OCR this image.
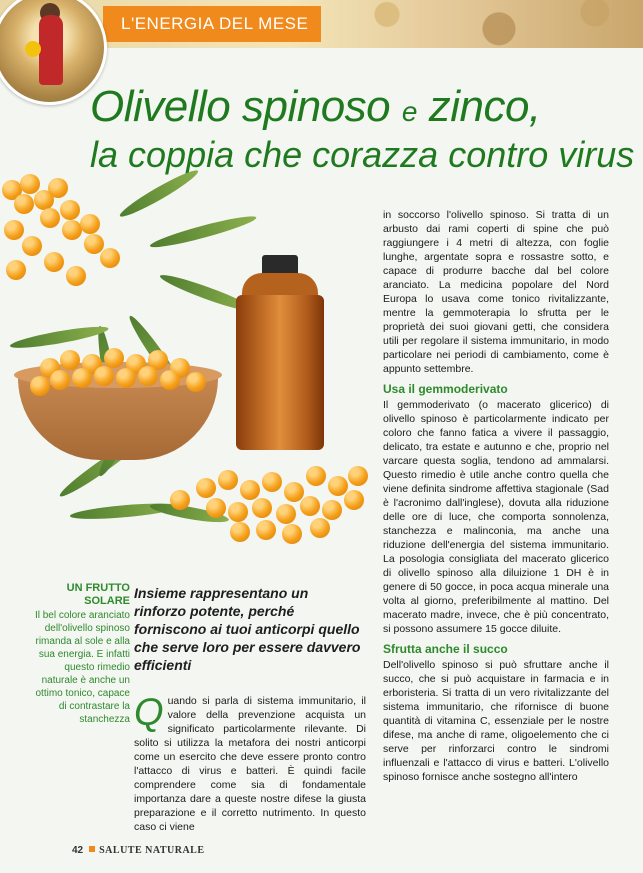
L'ENERGIA DEL MESE
Olivello spinoso e zinco,
la coppia che corazza contro virus
UN FRUTTO
SOLARE
Il bel colore aranciato dell'olivello spinoso rimanda al sole e alla sua energia. E infatti questo rimedio naturale è anche un ottimo tonico, capace di contrastare la stanchezza
Insieme rappresentano un rinforzo potente, perché forniscono ai tuoi anticorpi quello che serve loro per essere davvero efficienti

Quando si parla di sistema immunitario, il valore della prevenzione acquista un significato particolarmente rilevante. Di solito si utilizza la metafora dei nostri anticorpi come un esercito che deve essere pronto contro l'attacco di virus e batteri. È quindi facile comprendere come sia di fondamentale importanza dare a queste nostre difese la giusta preparazione e il corretto nutrimento. In questo caso ci viene

in soccorso l'olivello spinoso. Si tratta di un arbusto dai rami coperti di spine che può raggiungere i 4 metri di altezza, con foglie lunghe, argentate sopra e rossastre sotto, e capace di produrre bacche dal bel colore aranciato. La medicina popolare del Nord Europa lo usava come tonico rivitalizzante, mentre la gemmoterapia lo sfrutta per le proprietà dei suoi giovani getti, che considera utili per regolare il sistema immunitario, in modo particolare nei periodi di cambiamento, come è appunto settembre.

Usa il gemmoderivato

Il gemmoderivato (o macerato glicerico) di olivello spinoso è particolarmente indicato per coloro che fanno fatica a vivere il passaggio, delicato, tra estate e autunno e che, proprio nel varcare questa soglia, tendono ad ammalarsi. Questo rimedio è utile anche contro quella che viene definita sindrome affettiva stagionale (Sad è l'acronimo dall'inglese), dovuta alla riduzione delle ore di luce, che comporta sonnolenza, stanchezza e malinconia, ma anche una riduzione dell'energia del sistema immunitario. La posologia consigliata del macerato glicerico di olivello spinoso alla diluizione 1 DH è in genere di 50 gocce, in poca acqua minerale una volta al giorno, preferibilmente al mattino. Del macerato madre, invece, che è più concentrato, si possono assumere 15 gocce diluite.

Sfrutta anche il succo

Dell'olivello spinoso si può sfruttare anche il succo, che si può acquistare in farmacia e in erboristeria. Si tratta di un vero rivitalizzante del sistema immunitario, che rifornisce di buone quantità di vitamina C, essenziale per le nostre difese, ma anche di rame, oligoelemento che ci serve per rinforzarci contro le sindromi influenzali e l'attacco di virus e batteri. L'olivello spinoso fornisce anche sostegno all'intero

42 SALUTE NATURALE
